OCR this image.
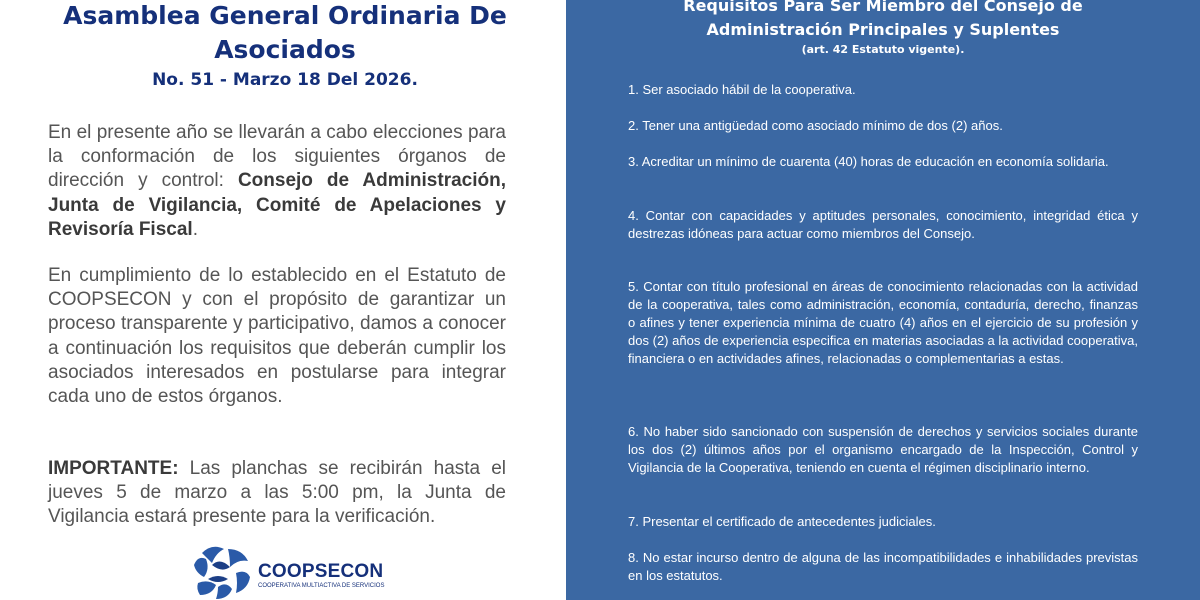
Asamblea General Ordinaria De
Asociados
No. 51 - Marzo 18 Del 2026.
En el presente año se llevarán a cabo elecciones para la conformación de los siguientes órganos de dirección y control: Consejo de Administración, Junta de Vigilancia, Comité de Apelaciones y Revisoría Fiscal.
En cumplimiento de lo establecido en el Estatuto de COOPSECON y con el propósito de garantizar un proceso transparente y participativo, damos a conocer a continuación los requisitos que deberán cumplir los asociados interesados en postularse para integrar cada uno de estos órganos.
IMPORTANTE: Las planchas se recibirán hasta el jueves 5 de marzo a las 5:00 pm, la Junta de Vigilancia estará presente para la verificación.
COOPSECON
COOPERATIVA MULTIACTIVA DE SERVICIOS
Requisitos Para Ser Miembro del Consejo de
Administración Principales y Suplentes
(art. 42 Estatuto vigente).
1. Ser asociado hábil de la cooperativa.
2. Tener una antigüedad como asociado mínimo de dos (2) años.
3. Acreditar un mínimo de cuarenta (40) horas de educación en economía solidaria.
4. Contar con capacidades y aptitudes personales, conocimiento, integridad ética y destrezas idóneas para actuar como miembros del Consejo.
5. Contar con título profesional en áreas de conocimiento relacionadas con la actividad de la cooperativa, tales como administración, economía, contaduría, derecho, finanzas o afines y tener experiencia mínima de cuatro (4) años en el ejercicio de su profesión y dos (2) años de experiencia especifica en materias asociadas a la actividad cooperativa, financiera o en actividades afines, relacionadas o complementarias a estas.
6. No haber sido sancionado con suspensión de derechos y servicios sociales durante los dos (2) últimos años por el organismo encargado de la Inspección, Control y Vigilancia de la Cooperativa, teniendo en cuenta el régimen disciplinario interno.
7. Presentar el certificado de antecedentes judiciales.
8. No estar incurso dentro de alguna de las incompatibilidades e inhabilidades previstas en los estatutos.
